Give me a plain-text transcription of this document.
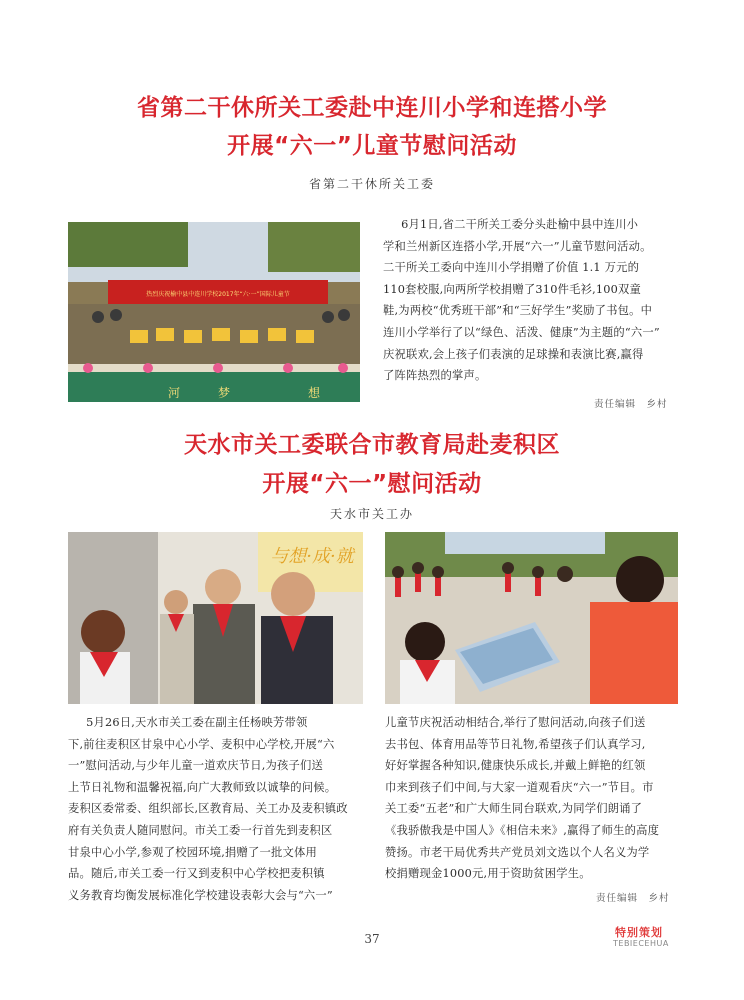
省第二干休所关工委赴中连川小学和连搭小学
开展“六一”儿童节慰问活动
省第二干休所关工委
热烈庆祝榆中县中连川学校2017年“六·一”国际儿童节
河	梦	想
6月1日,省二干所关工委分头赴榆中县中连川小
学和兰州新区连搭小学,开展“六一”儿童节慰问活动。
二干所关工委向中连川小学捐赠了价值 1.1 万元的
110套校服,向两所学校捐赠了310件毛衫,100双童
鞋,为两校“优秀班干部”和“三好学生”奖励了书包。中
连川小学举行了以“绿色、活泼、健康”为主题的“六一”
庆祝联欢,会上孩子们表演的足球操和表演比赛,赢得
了阵阵热烈的掌声。
责任编辑　乡村
天水市关工委联合市教育局赴麦积区
开展“六一”慰问活动
天水市关工办
与想·成·就
5月26日,天水市关工委在副主任杨映芳带领
下,前往麦积区甘泉中心小学、麦积中心学校,开展“六
一”慰问活动,与少年儿童一道欢庆节日,为孩子们送
上节日礼物和温馨祝福,向广大教师致以诚挚的问候。
麦积区委常委、组织部长,区教育局、关工办及麦积镇政
府有关负责人随同慰问。市关工委一行首先到麦积区
甘泉中心小学,参观了校园环境,捐赠了一批文体用
品。随后,市关工委一行又到麦积中心学校把麦积镇
义务教育均衡发展标准化学校建设表彰大会与“六一”
儿童节庆祝活动相结合,举行了慰问活动,向孩子们送
去书包、体育用品等节日礼物,希望孩子们认真学习,
好好掌握各种知识,健康快乐成长,并戴上鲜艳的红领
巾来到孩子们中间,与大家一道观看庆“六一”节目。市
关工委“五老”和广大师生同台联欢,为同学们朗诵了
《我骄傲我是中国人》《相信未来》,赢得了师生的高度
赞扬。市老干局优秀共产党员刘文选以个人名义为学
校捐赠现金1000元,用于资助贫困学生。
责任编辑　乡村
37	特别策划
TEBIECEHUA
